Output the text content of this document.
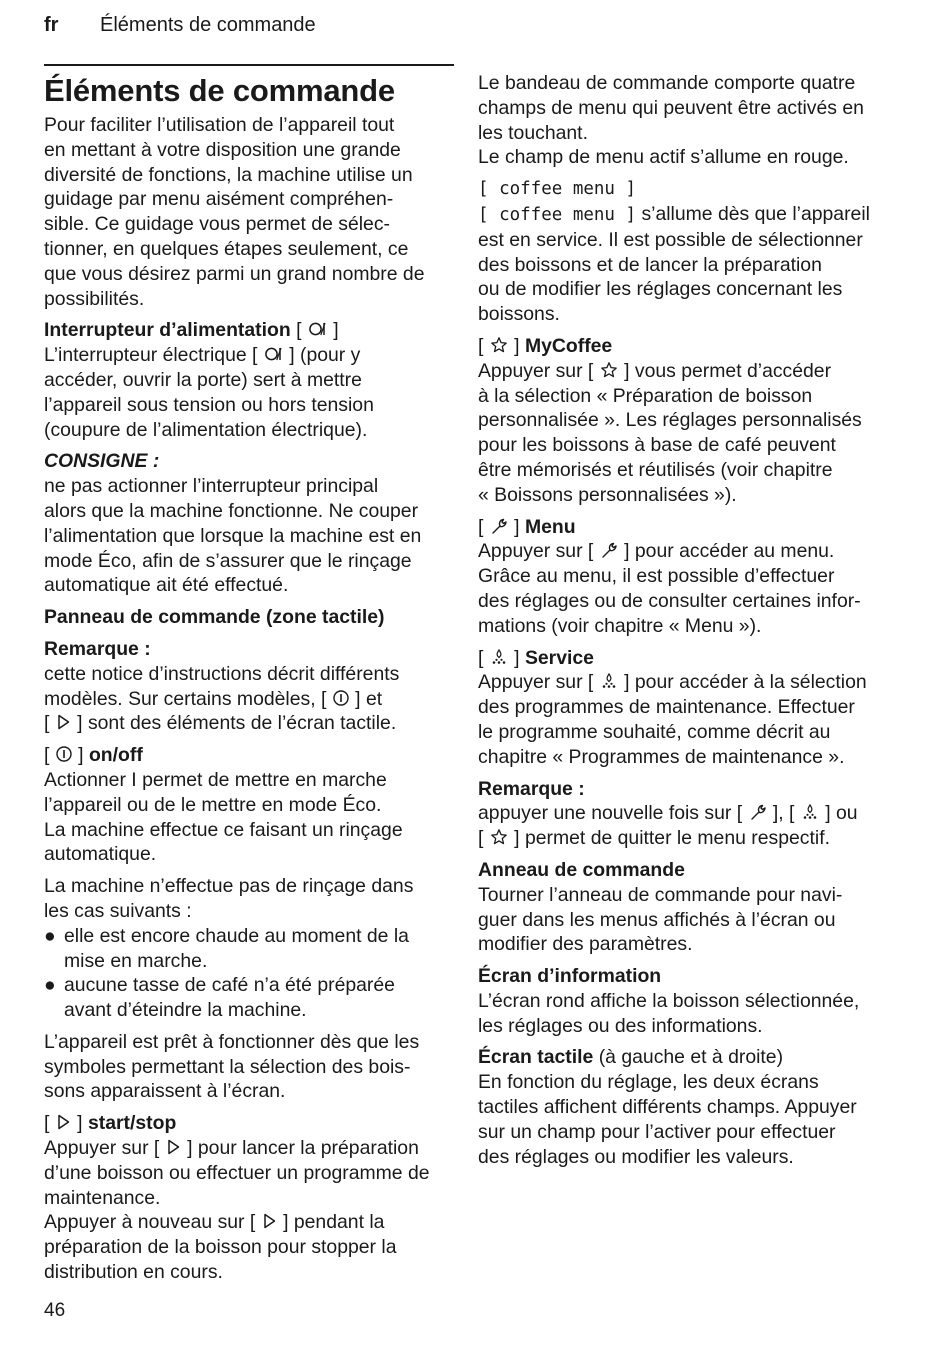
fr Éléments de commande
Éléments de commande

Pour faciliter l’utilisation de l’appareil tout
en mettant à votre disposition une grande
diversité de fonctions, la machine utilise un
guidage par menu aisément compréhen-
sible. Ce guidage vous permet de sélec-
tionner, en quelques étapes seulement, ce
que vous désirez parmi un grand nombre de
possibilités.

Interrupteur d’alimentation [
]
L’interrupteur électrique [
] (pour y
accéder, ouvrir la porte) sert à mettre
l’appareil sous tension ou hors tension
(coupure de l’alimentation électrique).

CONSIGNE :
ne pas actionner l’interrupteur principal
alors que la machine fonctionne. Ne couper
l’alimentation que lorsque la machine est en
mode Éco, afin de s’assurer que le rinçage
automatique ait été effectué.

Panneau de commande (zone tactile)

Remarque :
cette notice d’instructions décrit différents
modèles. Sur certains modèles, [
] et
[
] sont des éléments de l’écran tactile.

[
] on/off
Actionner I permet de mettre en marche
l’appareil ou de le mettre en mode Éco.
La machine effectue ce faisant un rinçage
automatique.

La machine n’effectue pas de rinçage dans
les cas suivants :

● elle est encore chaude au moment de la
mise en marche.
● aucune tasse de café n’a été préparée
avant d’éteindre la machine.

L’appareil est prêt à fonctionner dès que les
symboles permettant la sélection des bois-
sons apparaissent à l’écran.

[
] start/stop
Appuyer sur [
] pour lancer la préparation
d’une boisson ou effectuer un programme de
maintenance.
Appuyer à nouveau sur [
] pendant la
préparation de la boisson pour stopper la
distribution en cours.

Le bandeau de commande comporte quatre
champs de menu qui peuvent être activés en
les touchant.
Le champ de menu actif s’allume en rouge.

[ coffee menu ]
[ coffee menu ] s’allume dès que l’appareil
est en service. Il est possible de sélectionner
des boissons et de lancer la préparation
ou de modifier les réglages concernant les
boissons.

[
] MyCoffee
Appuyer sur [
] vous permet d’accéder
à la sélection « Préparation de boisson
personnalisée ». Les réglages personnalisés
pour les boissons à base de café peuvent
être mémorisés et réutilisés (voir chapitre
« Boissons personnalisées »).

[
] Menu
Appuyer sur [
] pour accéder au menu.
Grâce au menu, il est possible d’effectuer
des réglages ou de consulter certaines infor-
mations (voir chapitre « Menu »).

[
] Service
Appuyer sur [
] pour accéder à la sélection
des programmes de maintenance. Effectuer
le programme souhaité, comme décrit au
chapitre « Programmes de maintenance ».

Remarque :
appuyer une nouvelle fois sur [
], [
] ou
[
] permet de quitter le menu respectif.

Anneau de commande
Tourner l’anneau de commande pour navi-
guer dans les menus affichés à l’écran ou
modifier des paramètres.

Écran d’information
L’écran rond affiche la boisson sélectionnée,
les réglages ou des informations.

Écran tactile (à gauche et à droite)
En fonction du réglage, les deux écrans
tactiles affichent différents champs. Appuyer
sur un champ pour l’activer pour effectuer
des réglages ou modifier les valeurs.

46
